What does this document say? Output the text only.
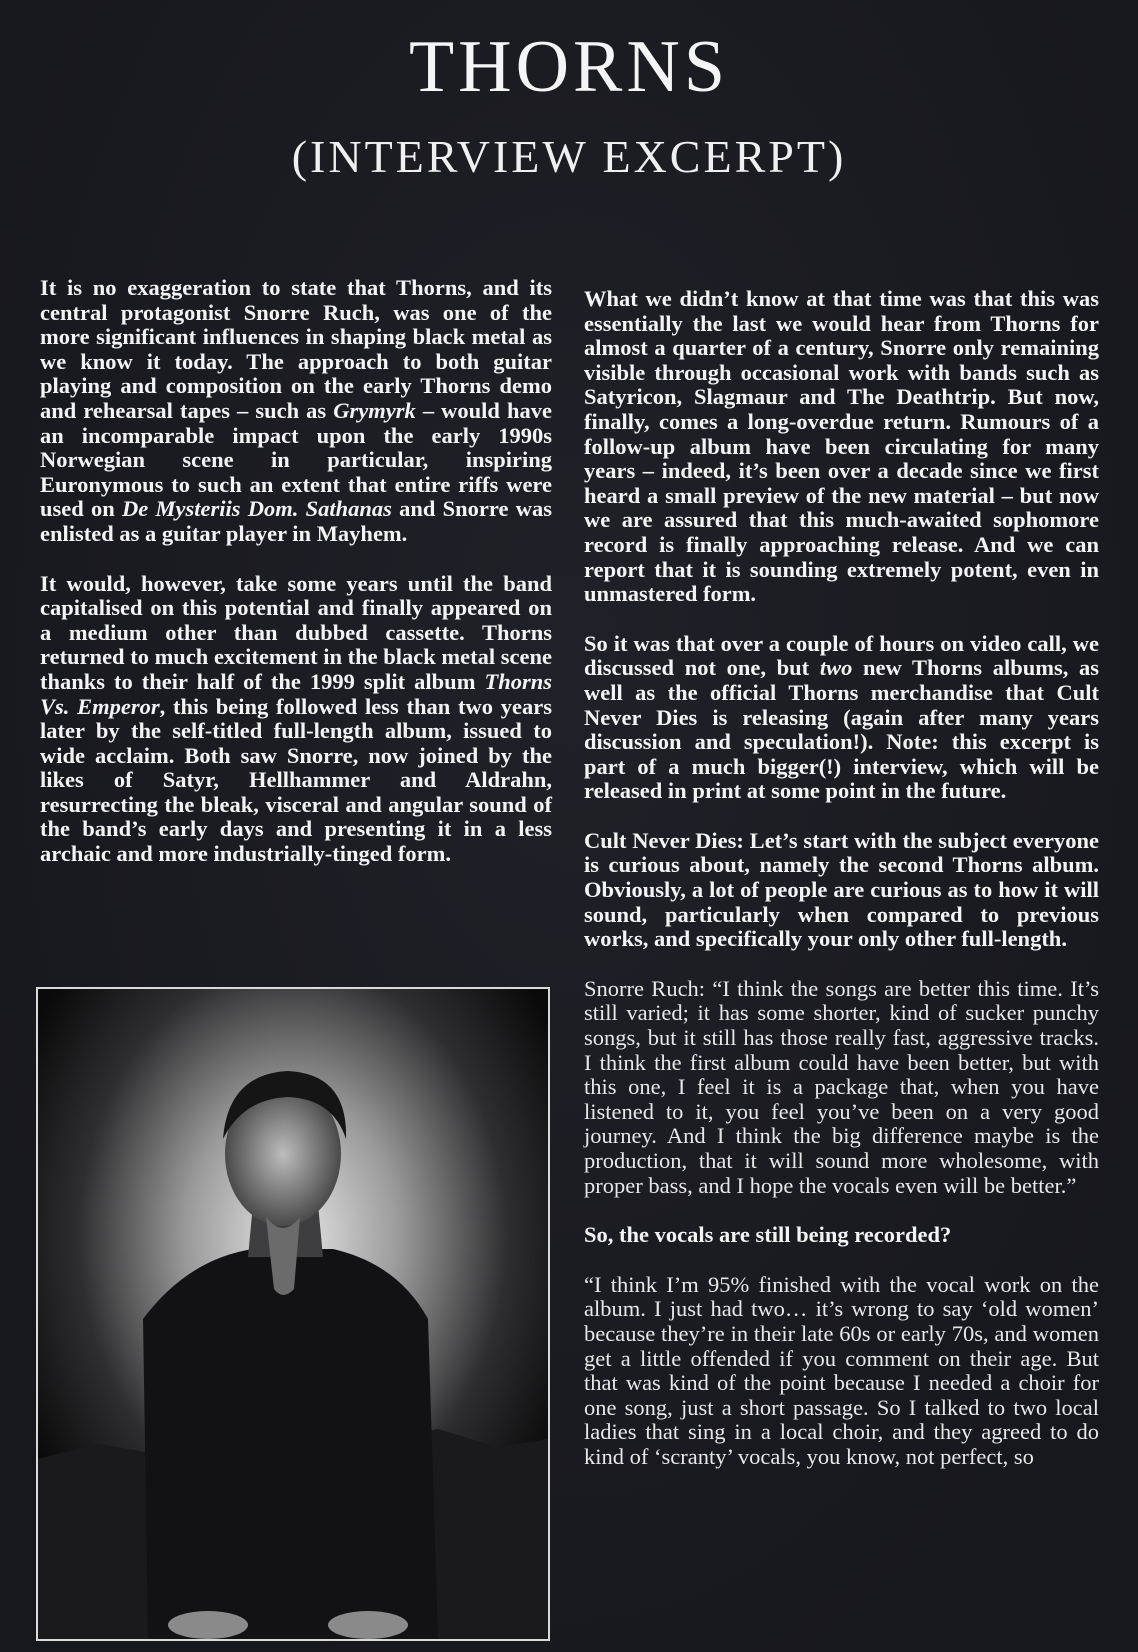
THORNS
(INTERVIEW EXCERPT)

It is no exaggeration to state that Thorns, and its central protagonist Snorre Ruch, was one of the more significant influences in shaping black metal as we know it today. The approach to both guitar playing and composition on the early Thorns demo and rehearsal tapes – such as Grymyrk – would have an incomparable impact upon the early 1990s Norwegian scene in particular, inspiring Euronymous to such an extent that entire riffs were used on De Mysteriis Dom. Sathanas and Snorre was enlisted as a guitar player in Mayhem.

It would, however, take some years until the band capitalised on this potential and finally appeared on a medium other than dubbed cassette. Thorns returned to much excitement in the black metal scene thanks to their half of the 1999 split album Thorns Vs. Emperor, this being followed less than two years later by the self-titled full-length album, issued to wide acclaim. Both saw Snorre, now joined by the likes of Satyr, Hellhammer and Aldrahn, resurrecting the bleak, visceral and angular sound of the band’s early days and presenting it in a less archaic and more industrially-tinged form.

What we didn’t know at that time was that this was essentially the last we would hear from Thorns for almost a quarter of a century, Snorre only remaining visible through occasional work with bands such as Satyricon, Slagmaur and The Deathtrip. But now, finally, comes a long-overdue return. Rumours of a follow-up album have been circulating for many years – indeed, it’s been over a decade since we first heard a small preview of the new material – but now we are assured that this much-awaited sophomore record is finally approaching release. And we can report that it is sounding extremely potent, even in unmastered form.

So it was that over a couple of hours on video call, we discussed not one, but two new Thorns albums, as well as the official Thorns merchandise that Cult Never Dies is releasing (again after many years discussion and speculation!). Note: this excerpt is part of a much bigger(!) interview, which will be released in print at some point in the future.

Cult Never Dies: Let’s start with the subject everyone is curious about, namely the second Thorns album. Obviously, a lot of people are curious as to how it will sound, particularly when compared to previous works, and specifically your only other full-length.

Snorre Ruch: “I think the songs are better this time. It’s still varied; it has some shorter, kind of sucker punchy songs, but it still has those really fast, aggressive tracks. I think the first album could have been better, but with this one, I feel it is a package that, when you have listened to it, you feel you’ve been on a very good journey. And I think the big difference maybe is the production, that it will sound more wholesome, with proper bass, and I hope the vocals even will be better.”

So, the vocals are still being recorded?

“I think I’m 95% finished with the vocal work on the album. I just had two… it’s wrong to say ‘old women’ because they’re in their late 60s or early 70s, and women get a little offended if you comment on their age. But that was kind of the point because I needed a choir for one song, just a short passage. So I talked to two local ladies that sing in a local choir, and they agreed to do kind of ‘scranty’ vocals, you know, not perfect, so
